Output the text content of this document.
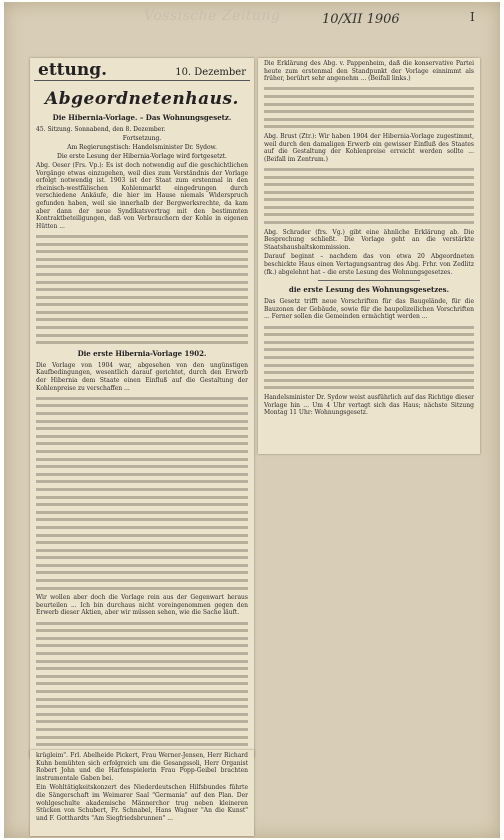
Vossische Zeitung	10/XII 1906	I
ettung.	10. Dezember
Abgeordnetenhaus.
Die Hibernia-Vorlage. – Das Wohnungsgesetz.
45. Sitzung. Sonnabend, den 8. Dezember.
Fortsetzung.
Am Regierungstisch: Handelsminister Dr. Sydow.
Die erste Lesung der Hibernia-Vorlage wird fortgesetzt.
Abg. Oeser (Frs. Vp.): Es ist doch notwendig auf die geschichtlichen Vorgänge etwas einzugehen, weil dies zum Verständnis der Vorlage erfolgt notwendig ist. 1903 ist der Staat zum erstenmal in den rheinisch-westfälischen Kohlenmarkt eingedrungen durch verschiedene Ankäufe, die hier im Hause niemals Widerspruch gefunden haben, weil sie innerhalb der Bergwerksrechte, da kam aber dann der neue Syndikatsvertrag mit den bestimmten Kontraktbeteiligungen, daß von Verbrauchern der Kohle in eigenen Hütten ...
Die erste Hibernia-Vorlage 1902.
Die Vorlage von 1904 war, abgesehen von den ungünstigen Kaufbedingungen, wesentlich darauf gerichtet, durch den Erwerb der Hibernia dem Staate einen Einfluß auf die Gestaltung der Kohlenpreise zu verschaffen ...
Wir wollen aber doch die Vorlage rein aus der Gegenwart heraus beurteilen ... Ich bin durchaus nicht voreingenommen gegen den Erwerb dieser Aktien, aber wir müssen sehen, wie die Sache läuft.
Die Erklärung des Abg. v. Pappenheim, daß die konservative Partei heute zum erstenmal den Standpunkt der Vorlage einnimmt als früher, berührt sehr angenehm ... (Beifall links.)
Abg. Brust (Ztr.): Wir haben 1904 der Hibernia-Vorlage zugestimmt, weil durch den damaligen Erwerb ein gewisser Einfluß des Staates auf die Gestaltung der Kohlenpreise erreicht werden sollte ... (Beifall im Zentrum.)
Abg. Schrader (frs. Vg.) gibt eine ähnliche Erklärung ab. Die Besprechung schließt. Die Vorlage geht an die verstärkte Staatshaushaltskommission.
Darauf beginnt – nachdem das von etwa 20 Abgeordneten beschickte Haus einen Vertagungsantrag des Abg. Frhr. von Zedlitz (fk.) abgelehnt hat – die erste Lesung des Wohnungsgesetzes.
die erste Lesung des Wohnungsgesetzes.
Das Gesetz trifft neue Vorschriften für das Baugelände, für die Bauzonen der Gebäude, sowie für die baupolizeilichen Vorschriften ... Ferner sollen die Gemeinden ermächtigt werden ...
Handelsminister Dr. Sydow weist ausführlich auf das Richtige dieser Vorlage hin ... Um 4 Uhr vertagt sich das Haus; nächste Sitzung Montag 11 Uhr: Wohnungsgesetz.
krügleim". Frl. Abelheide Pickert, Frau Werner-Jensen, Herr Richard Kuhn bemühten sich erfolgreich um die Gesangssoli, Herr Organist Robert John und die Harfenspielerin Frau Popp-Geibel brachten instrumentale Gaben bei.
Ein Wohltätigkeitskonzert des Niederdeutschen Hilfsbundes führte die Sängerschaft im Weimarer Saal "Germania" auf den Plan. Der wohlgeschulte akademische Männerchor trug neben kleineren Stücken von Schubert, Fr. Schnabel, Hans Wagner "An die Kunst" und F. Gotthardts "Am Siegfriedsbrunnen" ...
